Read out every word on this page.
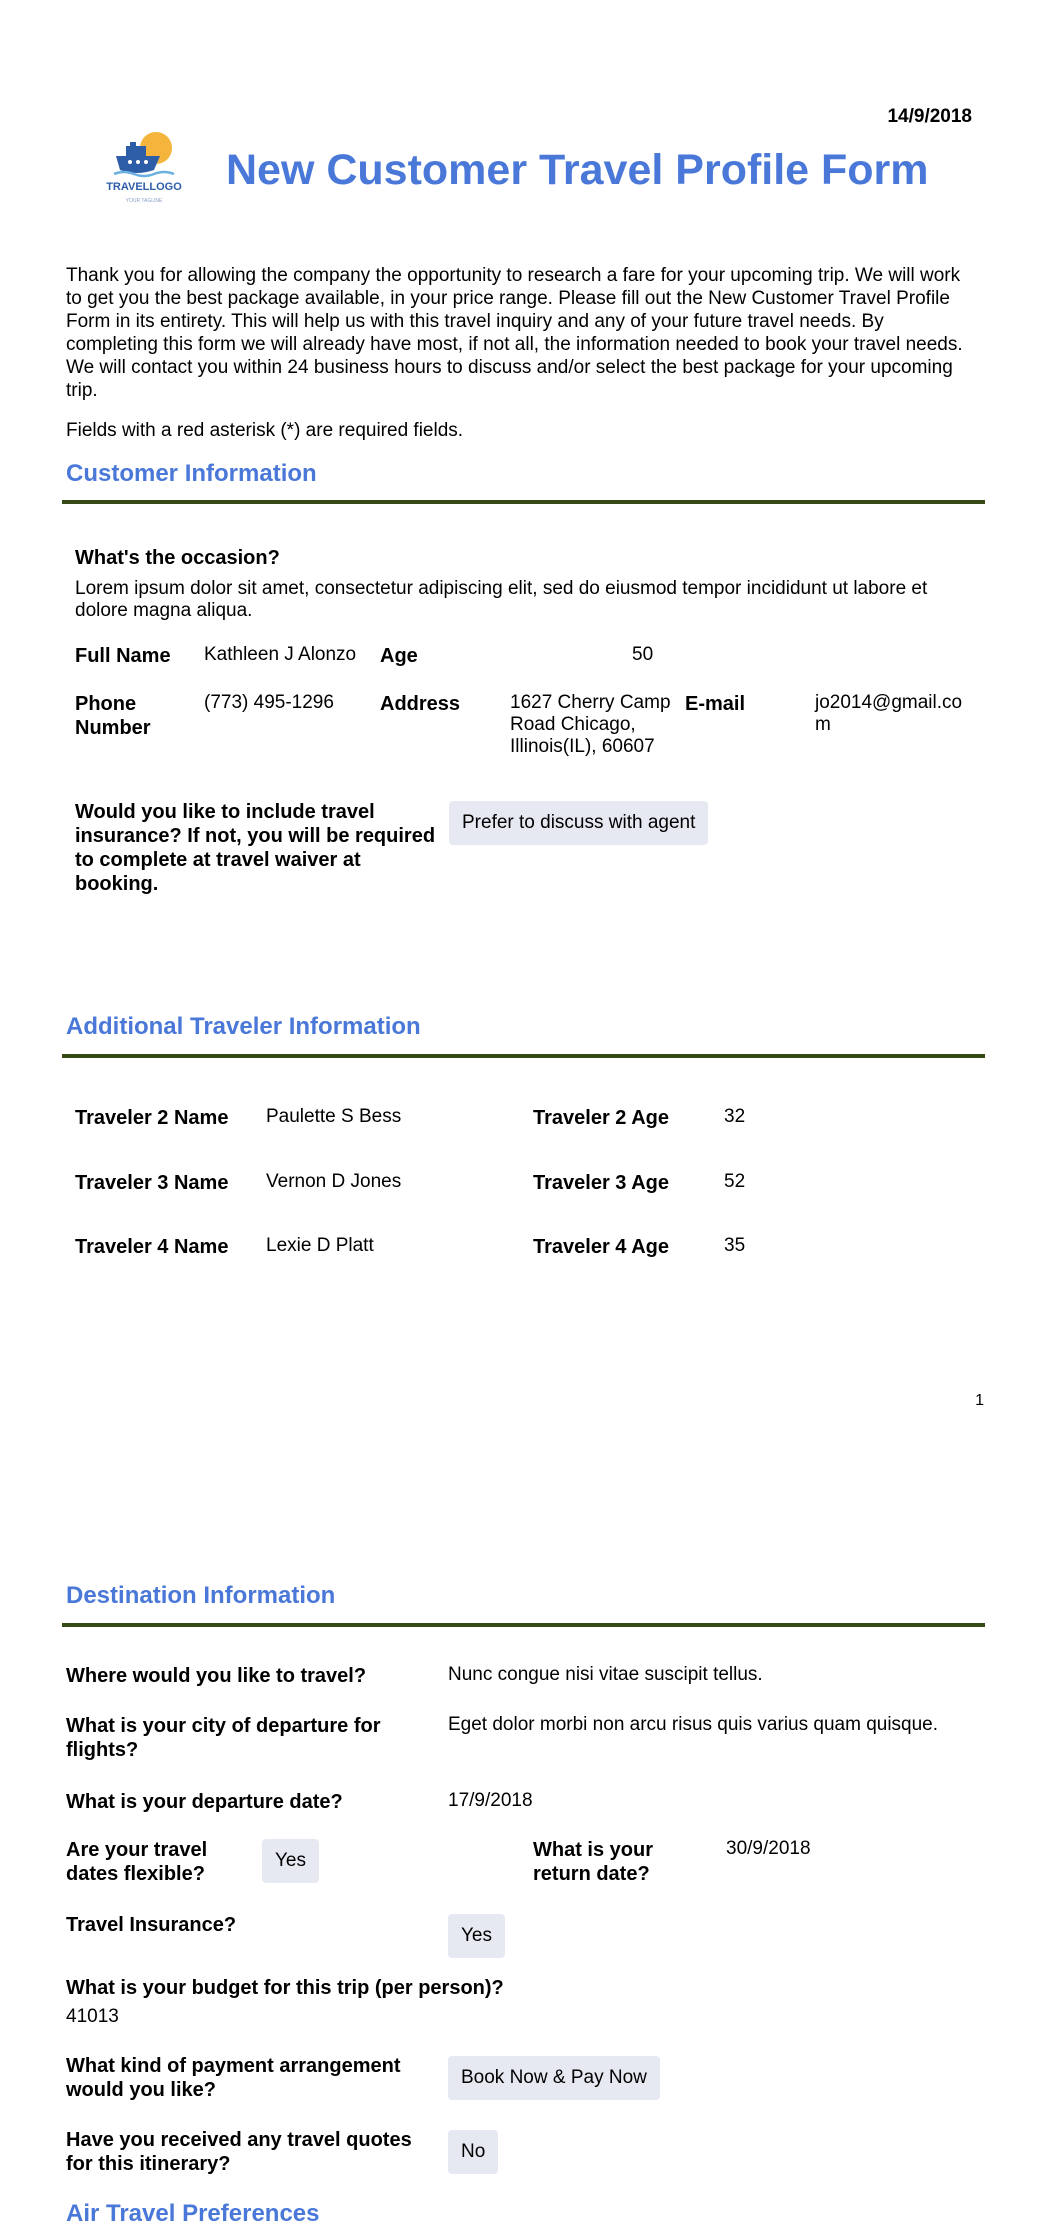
14/9/2018
TRAVELLOGO
YOUR TAGLINE
New Customer Travel Profile Form
Thank you for allowing the company the opportunity to research a fare for your upcoming trip. We will work to get you the best package available, in your price range. Please fill out the New Customer Travel Profile Form in its entirety. This will help us with this travel inquiry and any of your future travel needs. By completing this form we will already have most, if not all, the information needed to book your travel needs. We will contact you within 24 business hours to discuss and/or select the best package for your upcoming trip.
Fields with a red asterisk (*) are required fields.
Customer Information
What's the occasion?
Lorem ipsum dolor sit amet, consectetur adipiscing elit, sed do eiusmod tempor incididunt ut labore et dolore magna aliqua.
Full Name Kathleen J Alonzo Age	50
Phone Number
(773) 495-1296 Address	1627 Cherry Camp Road Chicago, Illinois(IL), 60607
E-mail	jo2014@gmail.com
Would you like to include travel insurance? If not, you will be required to complete at travel waiver at booking.
Prefer to discuss with agent
Additional Traveler Information
Traveler 2 Name Paulette S Bess	Traveler 2 Age	32
Traveler 3 Name Vernon D Jones	Traveler 3 Age	52
Traveler 4 Name Lexie D Platt	Traveler 4 Age	35
1
Destination Information
Where would you like to travel?	Nunc congue nisi vitae suscipit tellus.
What is your city of departure for flights?
Eget dolor morbi non arcu risus quis varius quam quisque.
What is your departure date?	17/9/2018
Are your travel dates flexible?
Yes	What is your return date?
30/9/2018
Travel Insurance?	Yes
What is your budget for this trip (per person)?
41013
What kind of payment arrangement would you like?
Book Now & Pay Now
Have you received any travel quotes for this itinerary?
No
Air Travel Preferences
